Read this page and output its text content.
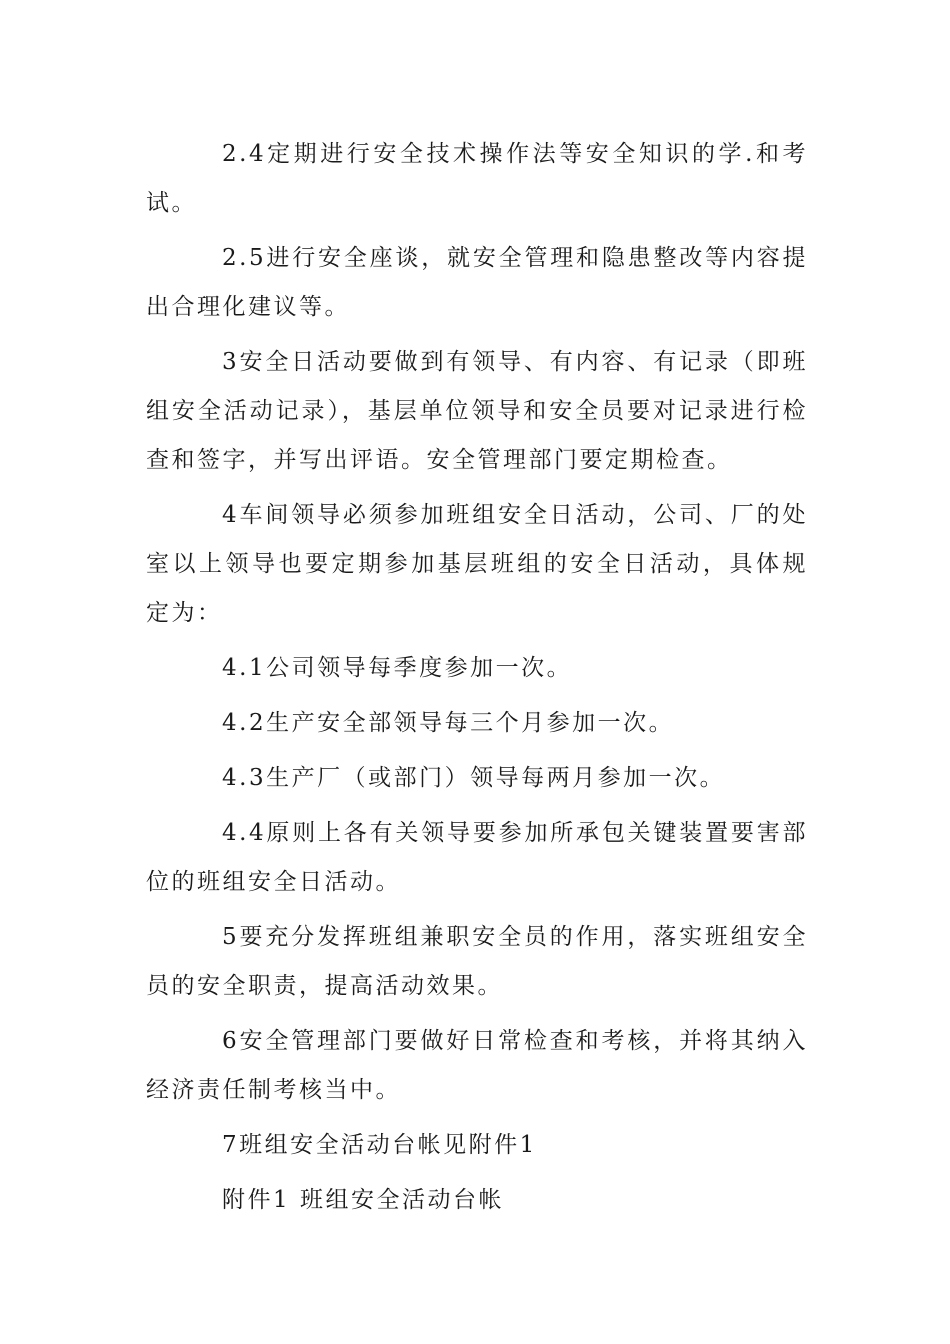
2.4定期进行安全技术操作法等安全知识的学.和考试。

2.5进行安全座谈，就安全管理和隐患整改等内容提出合理化建议等。

3安全日活动要做到有领导、有内容、有记录（即班组安全活动记录），基层单位领导和安全员要对记录进行检查和签字，并写出评语。安全管理部门要定期检查。

4车间领导必须参加班组安全日活动，公司、厂的处室以上领导也要定期参加基层班组的安全日活动，具体规定为：

4.1公司领导每季度参加一次。

4.2生产安全部领导每三个月参加一次。

4.3生产厂（或部门）领导每两月参加一次。

4.4原则上各有关领导要参加所承包关键装置要害部位的班组安全日活动。

5要充分发挥班组兼职安全员的作用，落实班组安全员的安全职责，提高活动效果。

6安全管理部门要做好日常检查和考核，并将其纳入经济责任制考核当中。

7班组安全活动台帐见附件1

附件1 班组安全活动台帐
